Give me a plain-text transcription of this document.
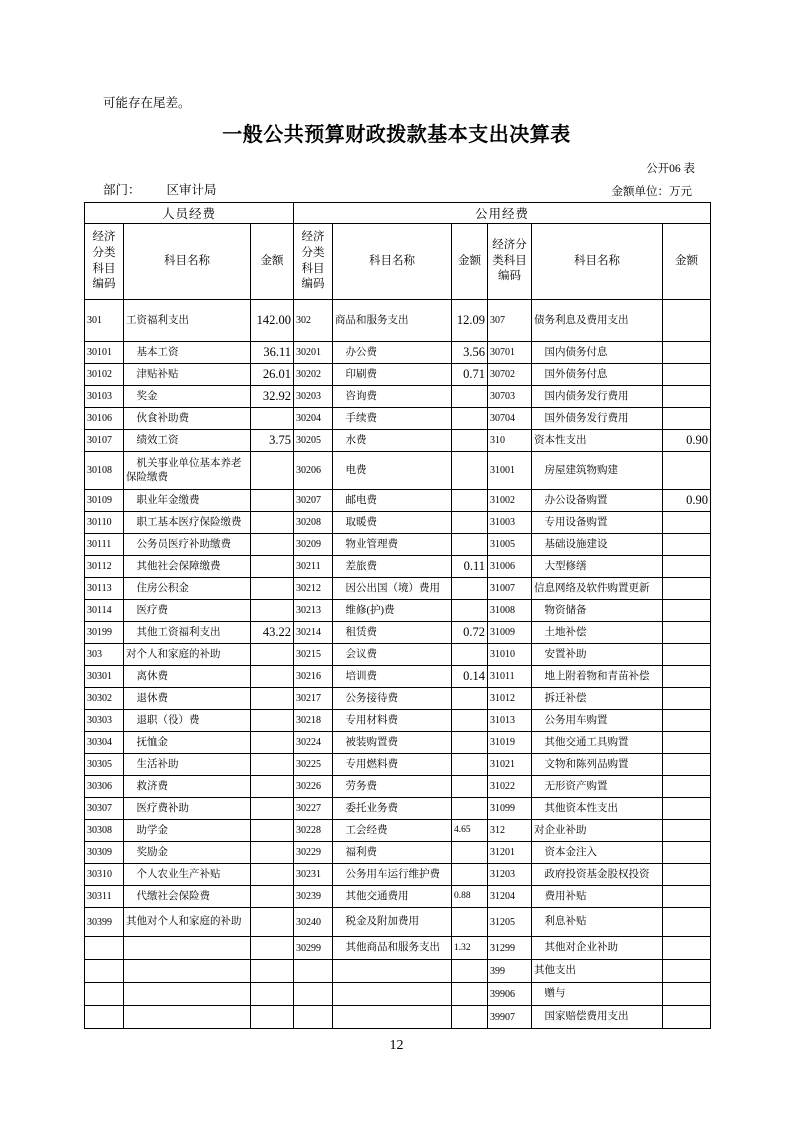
可能存在尾差。
一般公共预算财政拨款基本支出决算表
公开06 表
部门： 区审计局	金额单位：万元
人员经费			公用经费					
经济分类科目编码	科目名称	金额	经济分类科目编码	科目名称	金额	经济分类科目编码	科目名称	金额
301	工资福利支出	142.00	302	商品和服务支出	12.09	307	债务利息及费用支出	
30101	　基本工资	36.11	30201	　办公费	3.56	30701	　国内债务付息	
30102	　津贴补贴	26.01	30202	　印刷费	0.71	30702	　国外债务付息	
30103	　奖金	32.92	30203	　咨询费		30703	　国内债务发行费用	
30106	　伙食补助费		30204	　手续费		30704	　国外债务发行费用	
30107	　绩效工资	3.75	30205	　水费		310	资本性支出	0.90
30108	　机关事业单位基本养老保险缴费		30206	　电费		31001	　房屋建筑物购建	
30109	　职业年金缴费		30207	　邮电费		31002	　办公设备购置	0.90
30110	　职工基本医疗保险缴费		30208	　取暖费		31003	　专用设备购置	
30111	　公务员医疗补助缴费		30209	　物业管理费		31005	　基础设施建设	
30112	　其他社会保障缴费		30211	　差旅费	0.11	31006	　大型修缮	
30113	　住房公积金		30212	　因公出国（境）费用		31007	信息网络及软件购置更新	
30114	　医疗费		30213	　维修(护)费		31008	　物资储备	
30199	　其他工资福利支出	43.22	30214	　租赁费	0.72	31009	　土地补偿	
303	对个人和家庭的补助		30215	　会议费		31010	　安置补助	
30301	　离休费		30216	　培训费	0.14	31011	　地上附着物和青苗补偿	
30302	　退休费		30217	　公务接待费		31012	　拆迁补偿	
30303	　退职（役）费		30218	　专用材料费		31013	　公务用车购置	
30304	　抚恤金		30224	　被装购置费		31019	　其他交通工具购置	
30305	　生活补助		30225	　专用燃料费		31021	　文物和陈列品购置	
30306	　救济费		30226	　劳务费		31022	　无形资产购置	
30307	　医疗费补助		30227	　委托业务费		31099	　其他资本性支出	
30308	　助学金		30228	　工会经费	4.65	312	对企业补助	
30309	　奖励金		30229	　福利费		31201	　资本金注入	
30310	　个人农业生产补贴		30231	　公务用车运行维护费		31203	　政府投资基金股权投资	
30311	　代缴社会保险费		30239	　其他交通费用	0.88	31204	　费用补贴	
30399	其他对个人和家庭的补助		30240	　税金及附加费用		31205	　利息补贴	
			30299	　其他商品和服务支出	1.32	31299	　其他对企业补助	
						399	其他支出	
						39906	　赠与	
						39907	　国家赔偿费用支出	
12
